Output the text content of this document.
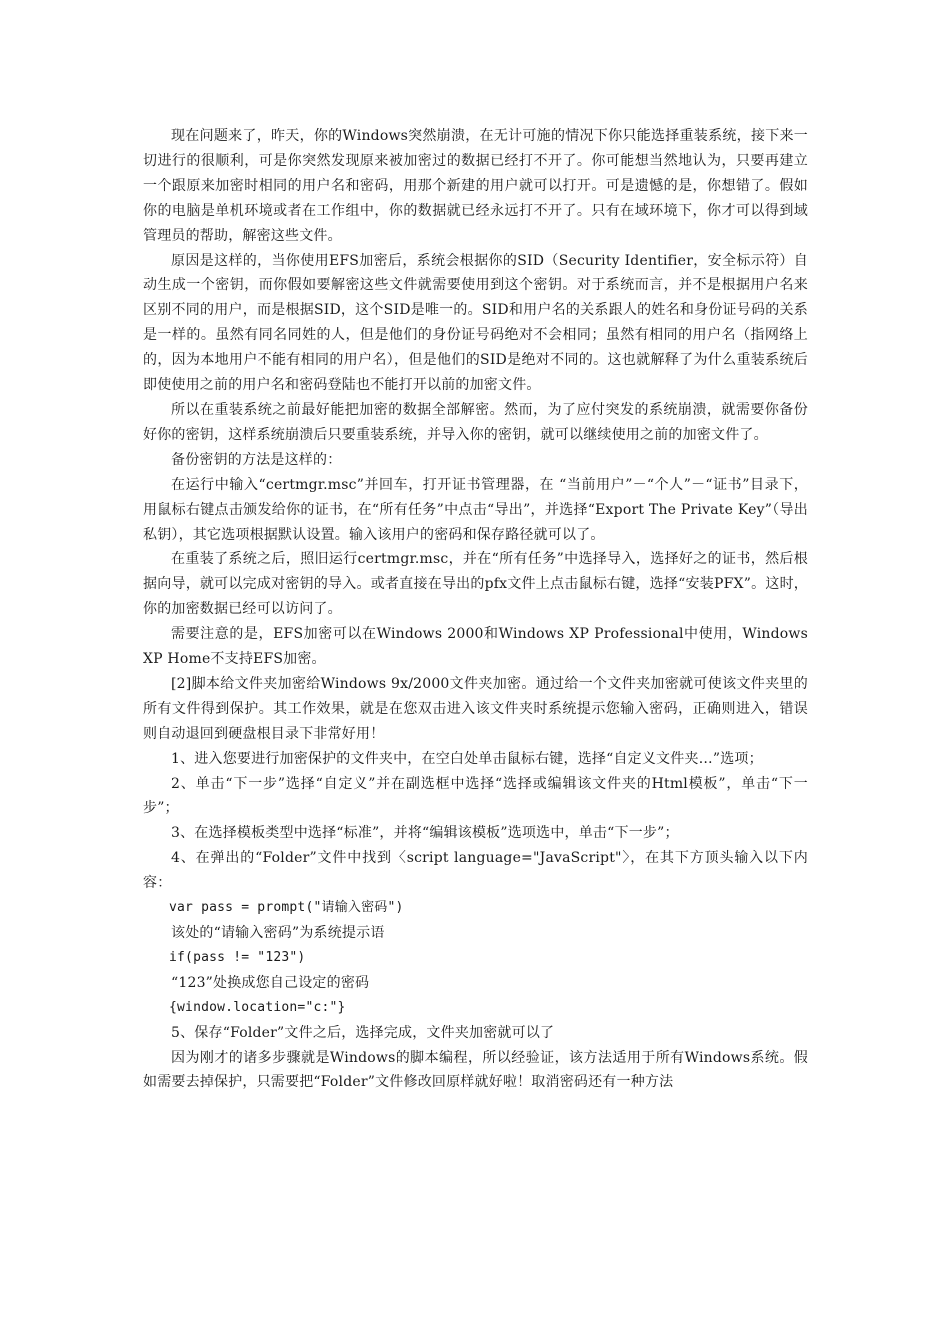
现在问题来了，昨天，你的Windows突然崩溃，在无计可施的情况下你只能选择重装系统，接下来一切进行的很顺利，可是你突然发现原来被加密过的数据已经打不开了。你可能想当然地认为，只要再建立一个跟原来加密时相同的用户名和密码，用那个新建的用户就可以打开。可是遗憾的是，你想错了。假如你的电脑是单机环境或者在工作组中，你的数据就已经永远打不开了。只有在域环境下，你才可以得到域管理员的帮助，解密这些文件。

原因是这样的，当你使用EFS加密后，系统会根据你的SID（Security Identifier，安全标示符）自动生成一个密钥，而你假如要解密这些文件就需要使用到这个密钥。对于系统而言，并不是根据用户名来区别不同的用户，而是根据SID，这个SID是唯一的。SID和用户名的关系跟人的姓名和身份证号码的关系是一样的。虽然有同名同姓的人，但是他们的身份证号码绝对不会相同；虽然有相同的用户名（指网络上的，因为本地用户不能有相同的用户名），但是他们的SID是绝对不同的。这也就解释了为什么重装系统后即使使用之前的用户名和密码登陆也不能打开以前的加密文件。

所以在重装系统之前最好能把加密的数据全部解密。然而，为了应付突发的系统崩溃，就需要你备份好你的密钥，这样系统崩溃后只要重装系统，并导入你的密钥，就可以继续使用之前的加密文件了。

备份密钥的方法是这样的：

在运行中输入“certmgr.msc”并回车，打开证书管理器，在 “当前用户”－“个人”－“证书”目录下，用鼠标右键点击颁发给你的证书，在“所有任务”中点击“导出”，并选择“Export The Private Key”（导出私钥），其它选项根据默认设置。输入该用户的密码和保存路径就可以了。

在重装了系统之后，照旧运行certmgr.msc，并在“所有任务”中选择导入，选择好之的证书，然后根据向导，就可以完成对密钥的导入。或者直接在导出的pfx文件上点击鼠标右键，选择“安装PFX”。这时，你的加密数据已经可以访问了。

需要注意的是，EFS加密可以在Windows 2000和Windows XP Professional中使用，Windows XP Home不支持EFS加密。

[2]脚本给文件夹加密给Windows 9x/2000文件夹加密。通过给一个文件夹加密就可使该文件夹里的所有文件得到保护。其工作效果，就是在您双击进入该文件夹时系统提示您输入密码，正确则进入，错误则自动退回到硬盘根目录下非常好用！

1、进入您要进行加密保护的文件夹中，在空白处单击鼠标右键，选择“自定义文件夹…”选项；

2、单击“下一步”选择“自定义”并在副选框中选择“选择或编辑该文件夹的Html模板”，单击“下一步”；

3、在选择模板类型中选择“标准”，并将“编辑该模板”选项选中，单击“下一步”；

4、在弹出的“Folder”文件中找到〈script language="JavaScript"〉，在其下方顶头输入以下内容：

var pass = prompt("请输入密码")

该处的“请输入密码”为系统提示语

if(pass != "123")

“123”处换成您自己设定的密码

{window.location="c:"}

5、保存“Folder”文件之后，选择完成，文件夹加密就可以了

因为刚才的诸多步骤就是Windows的脚本编程，所以经验证，该方法适用于所有Windows系统。假如需要去掉保护，只需要把“Folder”文件修改回原样就好啦！取消密码还有一种方法
